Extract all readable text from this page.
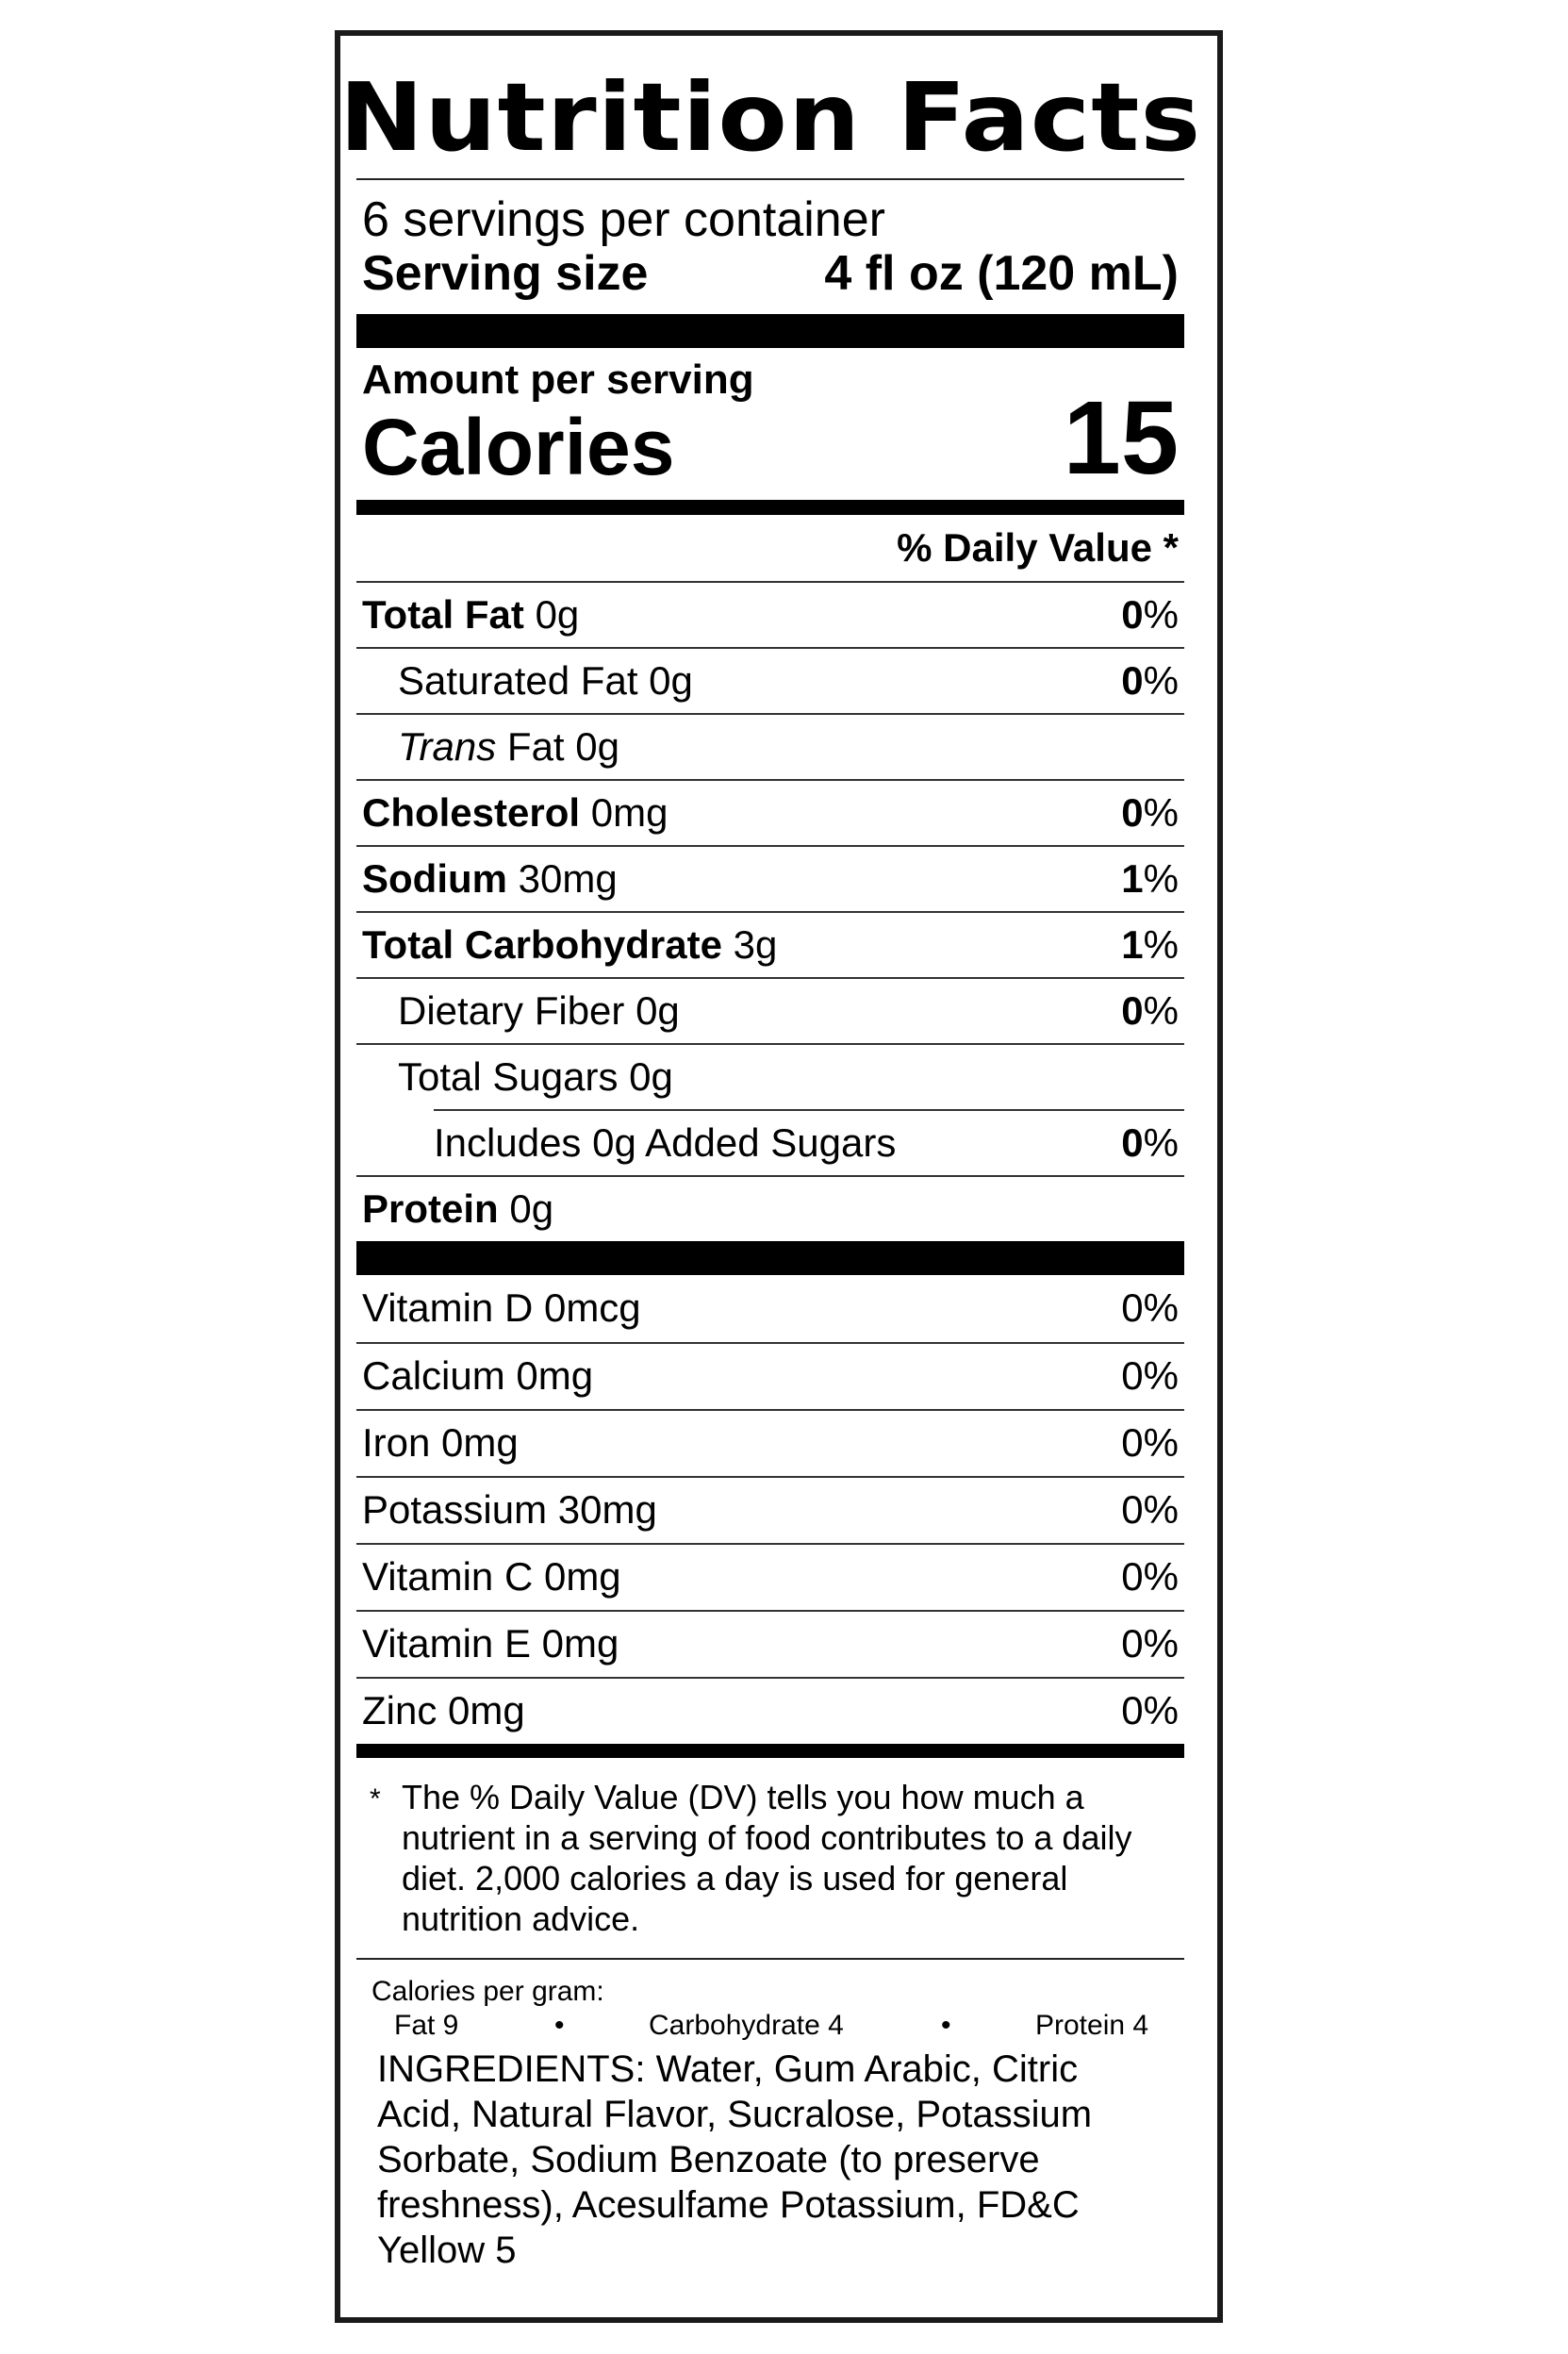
Nutrition Facts
6 servings per container
Serving size	4 fl oz (120 mL)
Amount per serving
Calories	15
% Daily Value *
Total Fat 0g	0%
Saturated Fat 0g	0%
Trans Fat 0g
Cholesterol 0mg	0%
Sodium 30mg	1%
Total Carbohydrate 3g	1%
Dietary Fiber 0g	0%
Total Sugars 0g
Includes 0g Added Sugars	0%
Protein 0g
Vitamin D 0mcg	0%
Calcium 0mg	0%
Iron 0mg	0%
Potassium 30mg	0%
Vitamin C 0mg	0%
Vitamin E 0mg	0%
Zinc 0mg	0%
* The % Daily Value (DV) tells you how much a nutrient in a serving of food contributes to a daily diet. 2,000 calories a day is used for general nutrition advice.
Calories per gram:
Fat 9	•	Carbohydrate 4	•	Protein 4
INGREDIENTS: Water, Gum Arabic, Citric Acid, Natural Flavor, Sucralose, Potassium Sorbate, Sodium Benzoate (to preserve freshness), Acesulfame Potassium, FD&C Yellow 5
